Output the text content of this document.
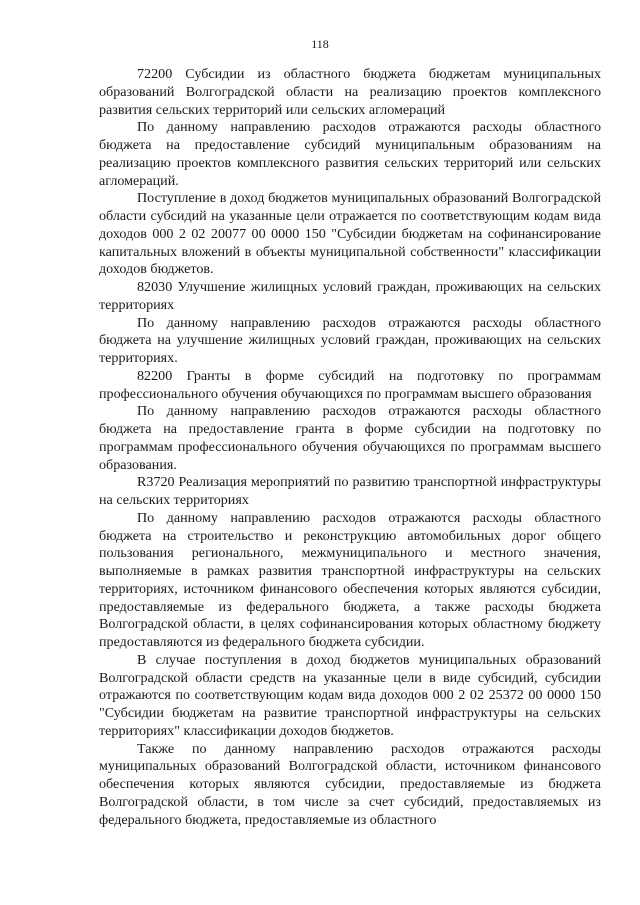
118

72200 Субсидии из областного бюджета бюджетам муниципальных образований Волгоградской области на реализацию проектов комплексного развития сельских территорий или сельских агломераций

По данному направлению расходов отражаются расходы областного бюджета на предоставление субсидий муниципальным образованиям на реализацию проектов комплексного развития сельских территорий или сельских агломераций.

Поступление в доход бюджетов муниципальных образований Волгоградской области субсидий на указанные цели отражается по соответствующим кодам вида доходов 000 2 02 20077 00 0000 150 "Субсидии бюджетам на софинансирование капитальных вложений в объекты муниципальной собственности" классификации доходов бюджетов.

82030 Улучшение жилищных условий граждан, проживающих на сельских территориях

По данному направлению расходов отражаются расходы областного бюджета на улучшение жилищных условий граждан, проживающих на сельских территориях.

82200 Гранты в форме субсидий на подготовку по программам профессионального обучения обучающихся по программам высшего образования

По данному направлению расходов отражаются расходы областного бюджета на предоставление гранта в форме субсидии на подготовку по программам профессионального обучения обучающихся по программам высшего образования.

R3720 Реализация мероприятий по развитию транспортной инфраструктуры на сельских территориях

По данному направлению расходов отражаются расходы областного бюджета на строительство и реконструкцию автомобильных дорог общего пользования регионального, межмуниципального и местного значения, выполняемые в рамках развития транспортной инфраструктуры на сельских территориях, источником финансового обеспечения которых являются субсидии, предоставляемые из федерального бюджета, а также расходы бюджета Волгоградской области, в целях софинансирования которых областному бюджету предоставляются из федерального бюджета субсидии.

В случае поступления в доход бюджетов муниципальных образований Волгоградской области средств на указанные цели в виде субсидий, субсидии отражаются по соответствующим кодам вида доходов 000 2 02 25372 00 0000 150 "Субсидии бюджетам на развитие транспортной инфраструктуры на сельских территориях" классификации доходов бюджетов.

Также по данному направлению расходов отражаются расходы муниципальных образований Волгоградской области, источником финансового обеспечения которых являются субсидии, предоставляемые из бюджета Волгоградской области, в том числе за счет субсидий, предоставляемых из федерального бюджета, предоставляемые из областного
